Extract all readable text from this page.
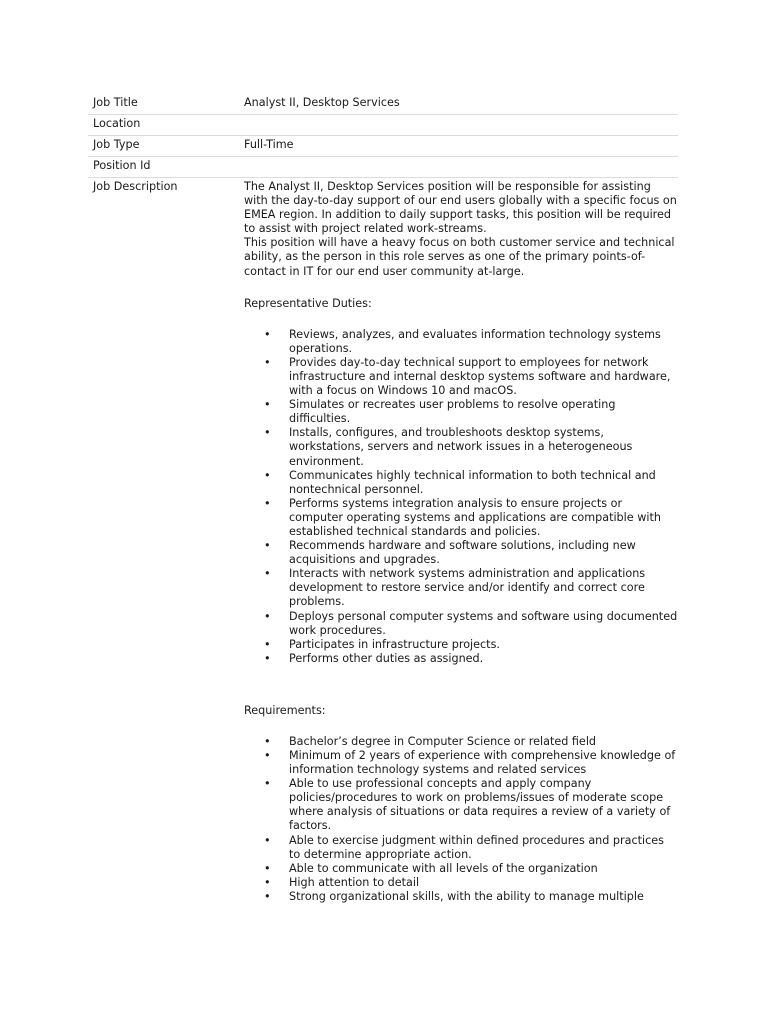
Job Title	Analyst II, Desktop Services
Location
Job Type	Full-Time
Position Id
Job Description	The Analyst II, Desktop Services position will be responsible for assisting with the day-to-day support of our end users globally with a specific focus on EMEA region. In addition to daily support tasks, this position will be required to assist with project related work-streams.

This position will have a heavy focus on both customer service and technical ability, as the person in this role serves as one of the primary points-of-contact in IT for our end user community at-large.

Representative Duties:
• Reviews, analyzes, and evaluates information technology systems operations.
• Provides day-to-day technical support to employees for network infrastructure and internal desktop systems software and hardware, with a focus on Windows 10 and macOS.
• Simulates or recreates user problems to resolve operating difficulties.
• Installs, configures, and troubleshoots desktop systems, workstations, servers and network issues in a heterogeneous environment.
• Communicates highly technical information to both technical and nontechnical personnel.
• Performs systems integration analysis to ensure projects or computer operating systems and applications are compatible with established technical standards and policies.
• Recommends hardware and software solutions, including new acquisitions and upgrades.
• Interacts with network systems administration and applications development to restore service and/or identify and correct core problems.
• Deploys personal computer systems and software using documented work procedures.
• Participates in infrastructure projects.
• Performs other duties as assigned.
Requirements:
• Bachelor’s degree in Computer Science or related field
• Minimum of 2 years of experience with comprehensive knowledge of information technology systems and related services
• Able to use professional concepts and apply company policies/procedures to work on problems/issues of moderate scope where analysis of situations or data requires a review of a variety of factors.
• Able to exercise judgment within defined procedures and practices to determine appropriate action.
• Able to communicate with all levels of the organization
• High attention to detail
• Strong organizational skills, with the ability to manage multiple
